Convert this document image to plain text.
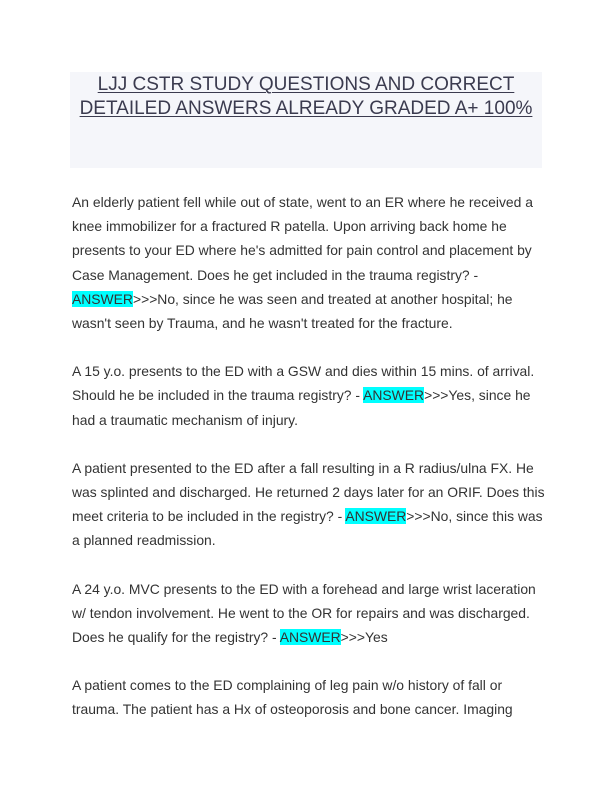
LJJ CSTR STUDY QUESTIONS AND CORRECT DETAILED ANSWERS ALREADY GRADED A+ 100%

An elderly patient fell while out of state, went to an ER where he received a knee immobilizer for a fractured R patella. Upon arriving back home he presents to your ED where he's admitted for pain control and placement by Case Management. Does he get included in the trauma registry? - ANSWER>>>No, since he was seen and treated at another hospital; he wasn't seen by Trauma, and he wasn't treated for the fracture.

A 15 y.o. presents to the ED with a GSW and dies within 15 mins. of arrival. Should he be included in the trauma registry? - ANSWER>>>Yes, since he had a traumatic mechanism of injury.

A patient presented to the ED after a fall resulting in a R radius/ulna FX. He was splinted and discharged. He returned 2 days later for an ORIF. Does this meet criteria to be included in the registry? - ANSWER>>>No, since this was a planned readmission.

A 24 y.o. MVC presents to the ED with a forehead and large wrist laceration w/ tendon involvement. He went to the OR for repairs and was discharged. Does he qualify for the registry? - ANSWER>>>Yes

A patient comes to the ED complaining of leg pain w/o history of fall or trauma. The patient has a Hx of osteoporosis and bone cancer. Imaging
